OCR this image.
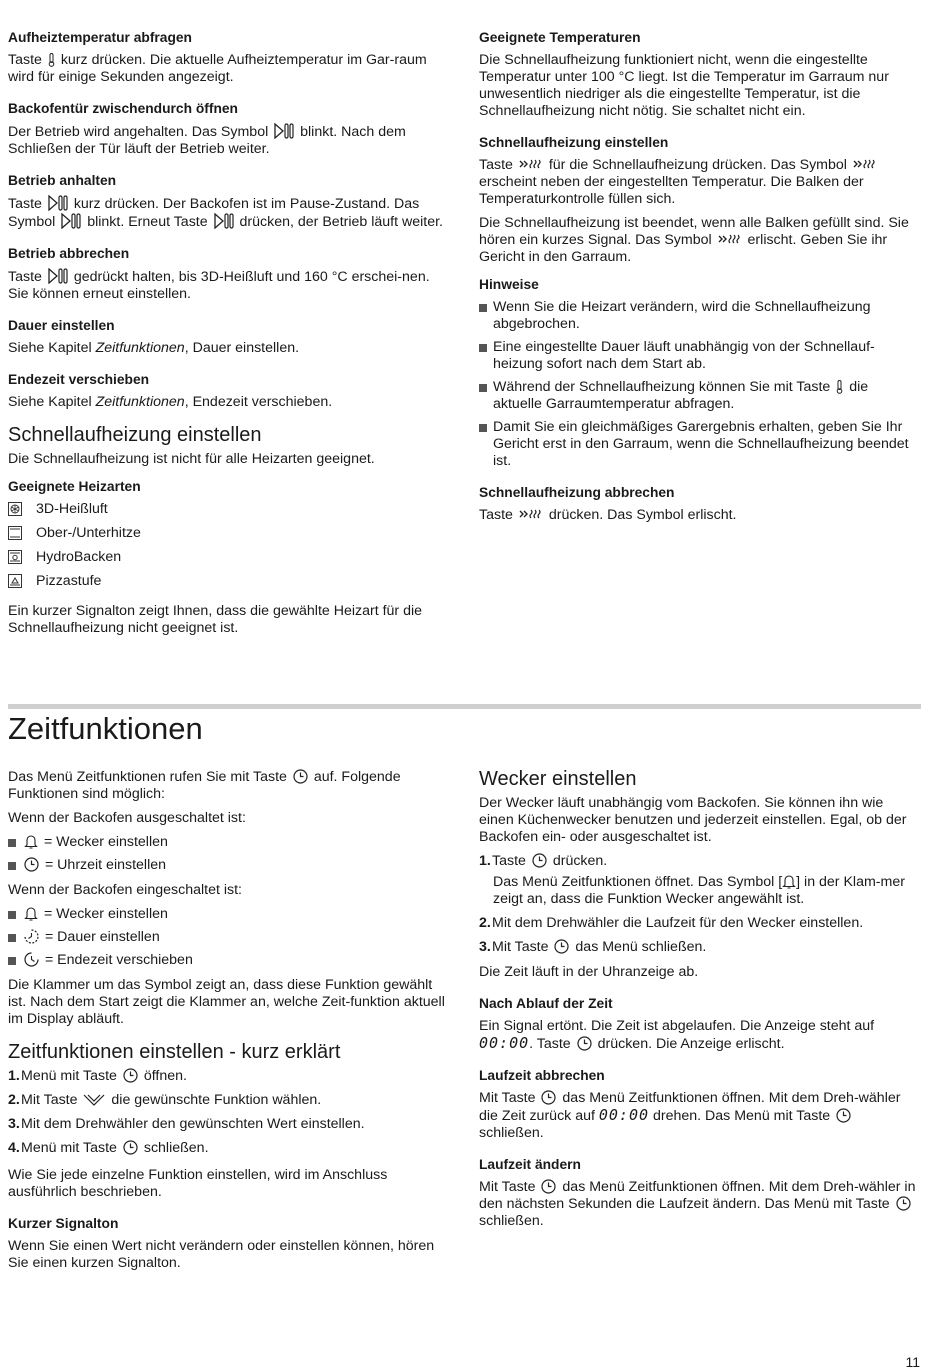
Aufheiztemperatur abfragen

Taste kurz drücken. Die aktuelle Aufheiztemperatur im Gar-raum wird für einige Sekunden angezeigt.

Backofentür zwischendurch öffnen

Der Betrieb wird angehalten. Das Symbol blinkt. Nach dem Schließen der Tür läuft der Betrieb weiter.

Betrieb anhalten

Taste kurz drücken. Der Backofen ist im Pause-Zustand. Das Symbol blinkt. Erneut Taste drücken, der Betrieb läuft weiter.

Betrieb abbrechen

Taste gedrückt halten, bis 3D-Heißluft und 160 °C erschei-nen. Sie können erneut einstellen.

Dauer einstellen

Siehe Kapitel Zeitfunktionen, Dauer einstellen.

Endezeit verschieben

Siehe Kapitel Zeitfunktionen, Endezeit verschieben.

Schnellaufheizung einstellen

Die Schnellaufheizung ist nicht für alle Heizarten geeignet.

Geeignete Heizarten
3D-Heißluft
Ober-/Unterhitze
HydroBacken
Pizzastufe

Ein kurzer Signalton zeigt Ihnen, dass die gewählte Heizart für die Schnellaufheizung nicht geeignet ist.

Geeignete Temperaturen

Die Schnellaufheizung funktioniert nicht, wenn die eingestellte Temperatur unter 100 °C liegt. Ist die Temperatur im Garraum nur unwesentlich niedriger als die eingestellte Temperatur, ist die Schnellaufheizung nicht nötig. Sie schaltet nicht ein.

Schnellaufheizung einstellen

Taste	für die Schnellaufheizung drücken. Das Symbol
erscheint neben der eingestellten Temperatur. Die Balken der Temperaturkontrolle füllen sich.

Die Schnellaufheizung ist beendet, wenn alle Balken gefüllt sind. Sie hören ein kurzes Signal. Das Symbol	erlischt. Geben Sie ihr Gericht in den Garraum.

Hinweise
Wenn Sie die Heizart verändern, wird die Schnellaufheizung abgebrochen.
Eine eingestellte Dauer läuft unabhängig von der Schnellauf-heizung sofort nach dem Start ab.
Während der Schnellaufheizung können Sie mit Taste die aktuelle Garraumtemperatur abfragen.
Damit Sie ein gleichmäßiges Garergebnis erhalten, geben Sie Ihr Gericht erst in den Garraum, wenn die Schnellaufheizung beendet ist.
Schnellaufheizung abbrechen

Taste	drücken. Das Symbol erlischt.

Zeitfunktionen

Das Menü Zeitfunktionen rufen Sie mit Taste auf. Folgende Funktionen sind möglich:

Wenn der Backofen ausgeschaltet ist:

= Wecker einstellen
= Uhrzeit einstellen

Wenn der Backofen eingeschaltet ist:

= Wecker einstellen
= Dauer einstellen
= Endezeit verschieben

Die Klammer um das Symbol zeigt an, dass diese Funktion gewählt ist. Nach dem Start zeigt die Klammer an, welche Zeit-funktion aktuell im Display abläuft.

Zeitfunktionen einstellen - kurz erklärt
1.Menü mit Taste öffnen.
2.Mit Taste die gewünschte Funktion wählen.
3.Mit dem Drehwähler den gewünschten Wert einstellen.
4.Menü mit Taste schließen.

Wie Sie jede einzelne Funktion einstellen, wird im Anschluss ausführlich beschrieben.

Kurzer Signalton

Wenn Sie einen Wert nicht verändern oder einstellen können, hören Sie einen kurzen Signalton.

Wecker einstellen

Der Wecker läuft unabhängig vom Backofen. Sie können ihn wie einen Küchenwecker benutzen und jederzeit einstellen. Egal, ob der Backofen ein- oder ausgeschaltet ist.

1.Taste drücken.
Das Menü Zeitfunktionen öffnet. Das Symbol [ ] in der Klam-mer zeigt an, dass die Funktion Wecker angewählt ist.
2.Mit dem Drehwähler die Laufzeit für den Wecker einstellen.
3.Mit Taste das Menü schließen.

Die Zeit läuft in der Uhranzeige ab.

Nach Ablauf der Zeit

Ein Signal ertönt. Die Zeit ist abgelaufen. Die Anzeige steht auf 00:00. Taste drücken. Die Anzeige erlischt.

Laufzeit abbrechen

Mit Taste das Menü Zeitfunktionen öffnen. Mit dem Dreh-wähler die Zeit zurück auf 00:00 drehen. Das Menü mit Taste
schließen.

Laufzeit ändern

Mit Taste das Menü Zeitfunktionen öffnen. Mit dem Dreh-wähler in den nächsten Sekunden die Laufzeit ändern. Das Menü mit Taste
schließen.

11
